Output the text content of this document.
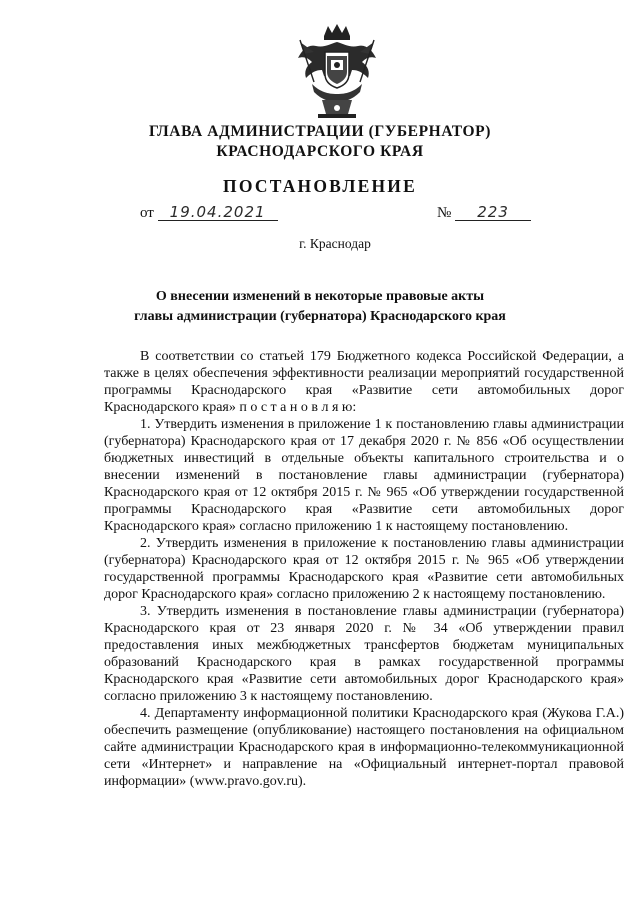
ГЛАВА АДМИНИСТРАЦИИ (ГУБЕРНАТОР)
КРАСНОДАРСКОГО КРАЯ
ПОСТАНОВЛЕНИЕ
от 19.04.2021	№ 223
г. Краснодар
О внесении изменений в некоторые правовые акты
главы администрации (губернатора) Краснодарского края

В соответствии со статьей 179 Бюджетного кодекса Российской Федерации, а также в целях обеспечения эффективности реализации мероприятий государственной программы Краснодарского края «Развитие сети автомобильных дорог Краснодарского края» п о с т а н о в л я ю:

1. Утвердить изменения в приложение 1 к постановлению главы администрации (губернатора) Краснодарского края от 17 декабря 2020 г. № 856 «Об осуществлении бюджетных инвестиций в отдельные объекты капитального строительства и о внесении изменений в постановление главы администрации (губернатора) Краснодарского края от 12 октября 2015 г. № 965 «Об утверждении государственной программы Краснодарского края «Развитие сети автомобильных дорог Краснодарского края» согласно приложению 1 к настоящему постановлению.

2. Утвердить изменения в приложение к постановлению главы администрации (губернатора) Краснодарского края от 12 октября 2015 г. № 965 «Об утверждении государственной программы Краснодарского края «Развитие сети автомобильных дорог Краснодарского края» согласно приложению 2 к настоящему постановлению.

3. Утвердить изменения в постановление главы администрации (губернатора) Краснодарского края от 23 января 2020 г. № 34 «Об утверждении правил предоставления иных межбюджетных трансфертов бюджетам муниципальных образований Краснодарского края в рамках государственной программы Краснодарского края «Развитие сети автомобильных дорог Краснодарского края» согласно приложению 3 к настоящему постановлению.

4. Департаменту информационной политики Краснодарского края (Жукова Г.А.) обеспечить размещение (опубликование) настоящего постановления на официальном сайте администрации Краснодарского края в информационно-телекоммуникационной сети «Интернет» и направление на «Официальный интернет-портал правовой информации» (www.pravo.gov.ru).
